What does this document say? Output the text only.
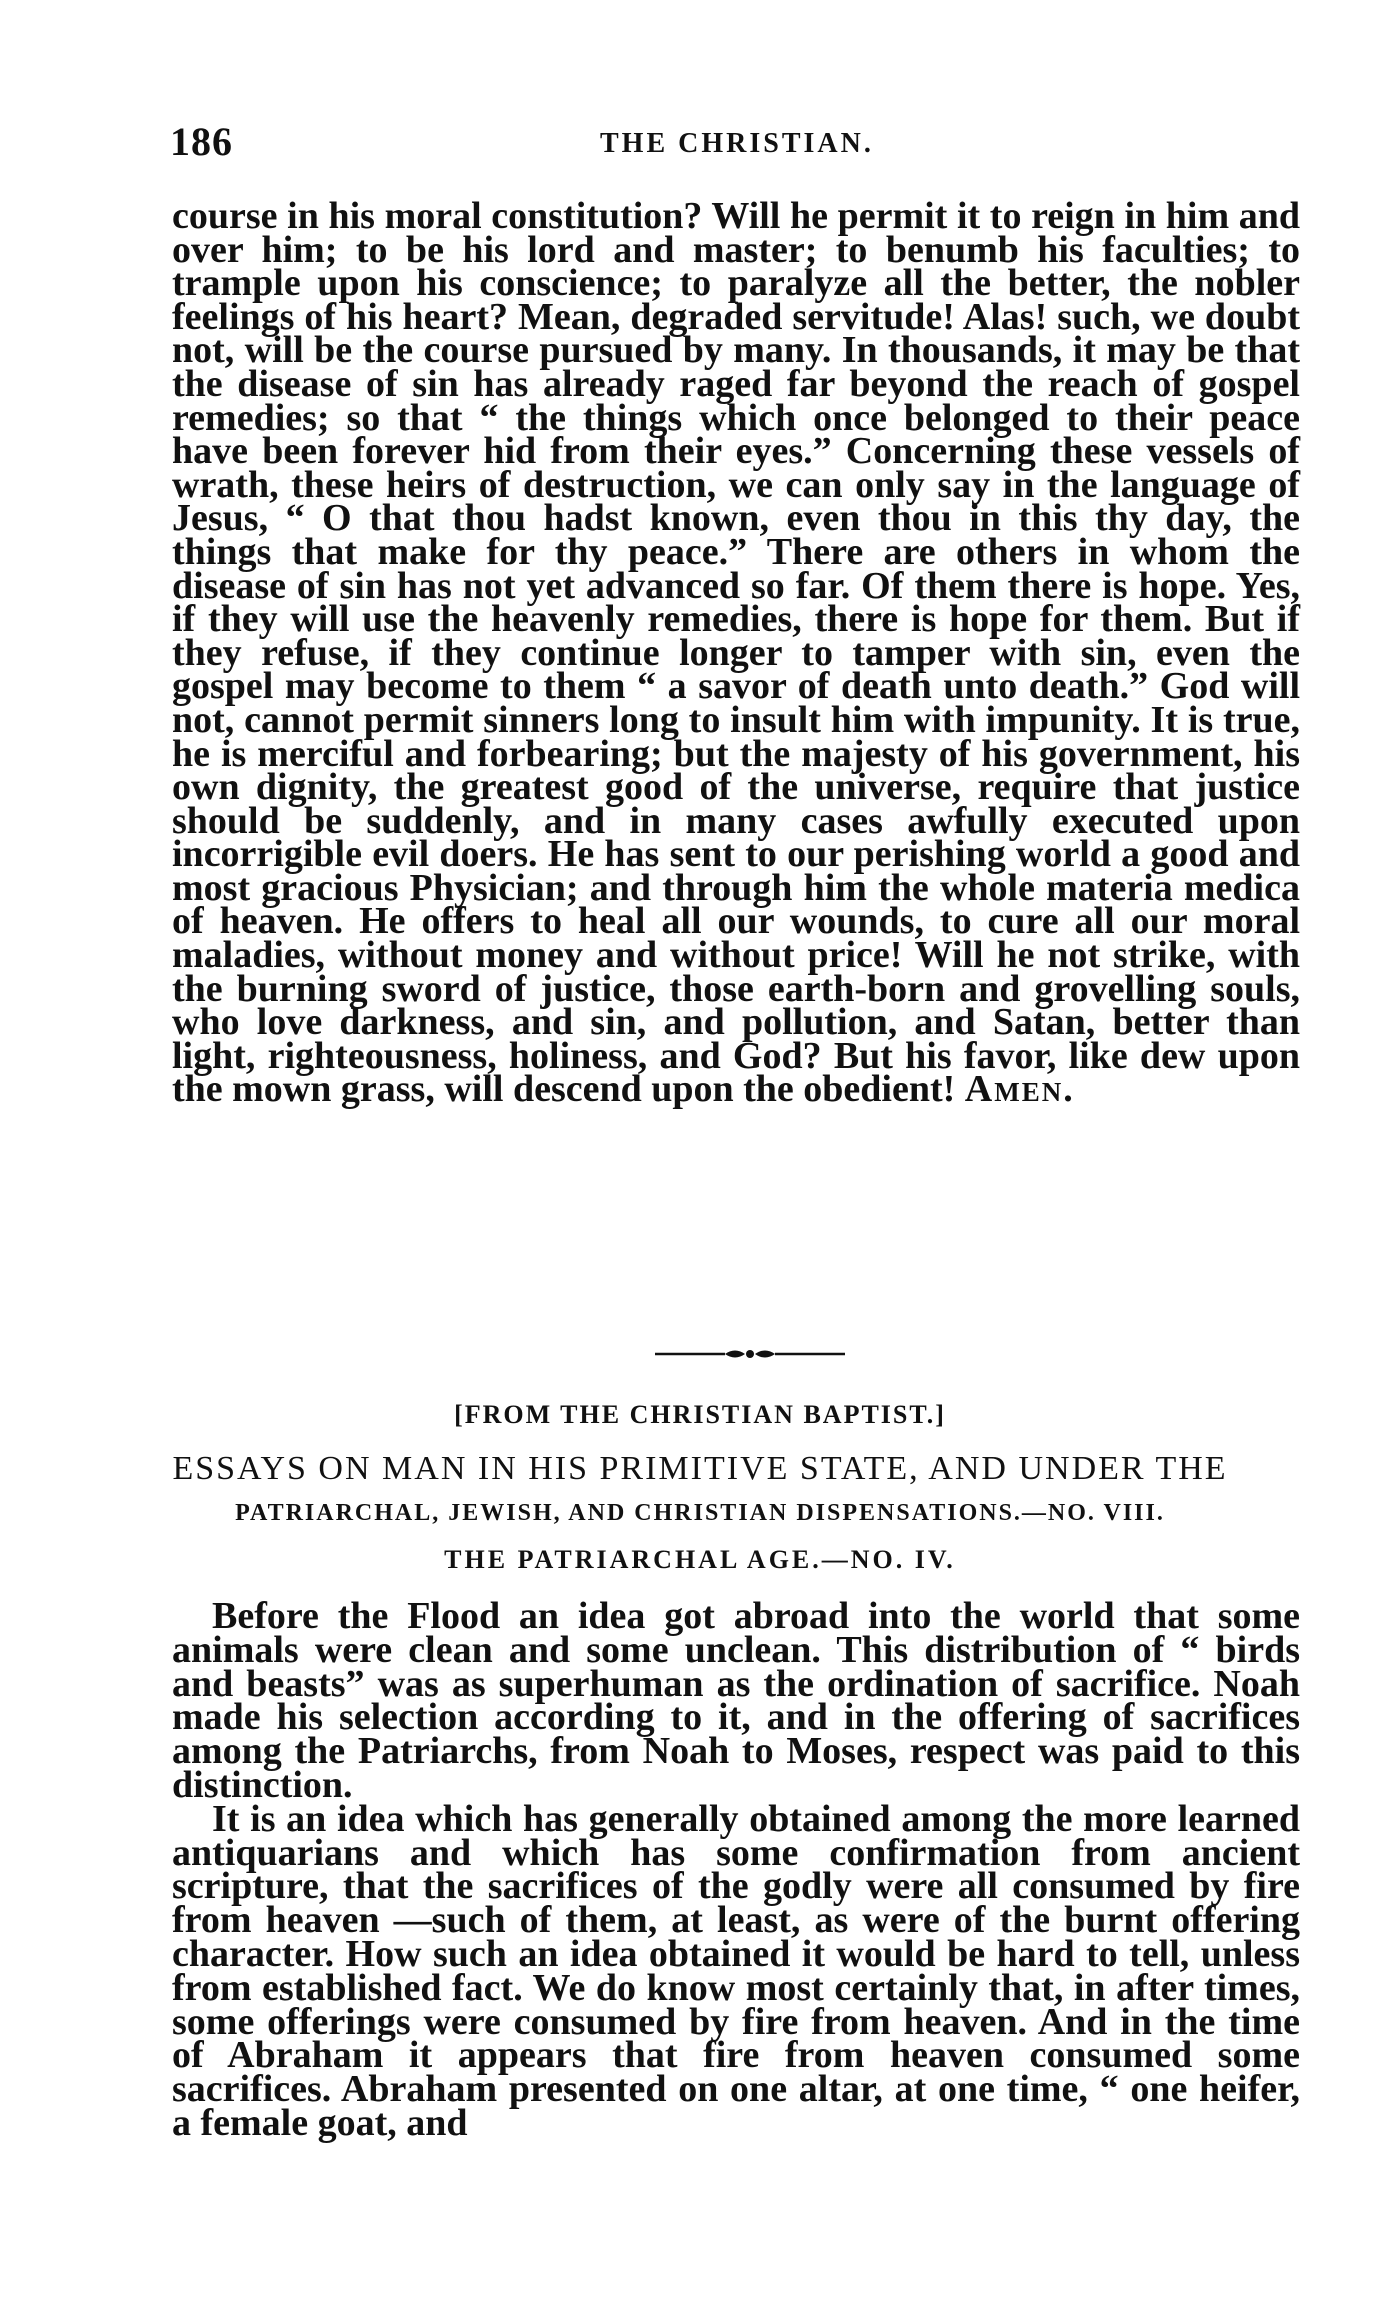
186	THE CHRISTIAN.

course in his moral constitution? Will he permit it to reign in him and over him; to be his lord and master; to benumb his faculties; to trample upon his conscience; to paralyze all the better, the nobler feelings of his heart? Mean, degraded servitude! Alas! such, we doubt not, will be the course pursued by many. In thousands, it may be that the disease of sin has already raged far beyond the reach of gospel remedies; so that “ the things which once belonged to their peace have been forever hid from their eyes.” Concerning these vessels of wrath, these heirs of destruction, we can only say in the language of Jesus, “ O that thou hadst known, even thou in this thy day, the things that make for thy peace.” There are others in whom the disease of sin has not yet advanced so far. Of them there is hope. Yes, if they will use the heavenly remedies, there is hope for them. But if they refuse, if they continue longer to tamper with sin, even the gospel may become to them “ a savor of death unto death.” God will not, cannot permit sinners long to insult him with impunity. It is true, he is merciful and forbearing; but the majesty of his government, his own dignity, the greatest good of the universe, require that justice should be suddenly, and in many cases awfully executed upon incorrigible evil doers. He has sent to our perishing world a good and most gracious Physician; and through him the whole materia medica of heaven. He offers to heal all our wounds, to cure all our moral maladies, without money and without price! Will he not strike, with the burning sword of justice, those earth-born and grovelling souls, who love darkness, and sin, and pollution, and Satan, better than light, righteousness, holiness, and God? But his favor, like dew upon the mown grass, will descend upon the obedient! Amen.

[FROM THE CHRISTIAN BAPTIST.]
ESSAYS ON MAN IN HIS PRIMITIVE STATE, AND UNDER THE
PATRIARCHAL, JEWISH, AND CHRISTIAN DISPENSATIONS.—NO. VIII.
THE PATRIARCHAL AGE.—NO. IV.

Before the Flood an idea got abroad into the world that some animals were clean and some unclean. This distribution of “ birds and beasts” was as superhuman as the ordination of sacrifice. Noah made his selection according to it, and in the offering of sacrifices among the Patriarchs, from Noah to Moses, respect was paid to this distinction.

It is an idea which has generally obtained among the more learned antiquarians and which has some confirmation from ancient scripture, that the sacrifices of the godly were all consumed by fire from heaven —such of them, at least, as were of the burnt offering character. How such an idea obtained it would be hard to tell, unless from established fact. We do know most certainly that, in after times, some offerings were consumed by fire from heaven. And in the time of Abraham it appears that fire from heaven consumed some sacrifices. Abraham presented on one altar, at one time, “ one heifer, a female goat, and
